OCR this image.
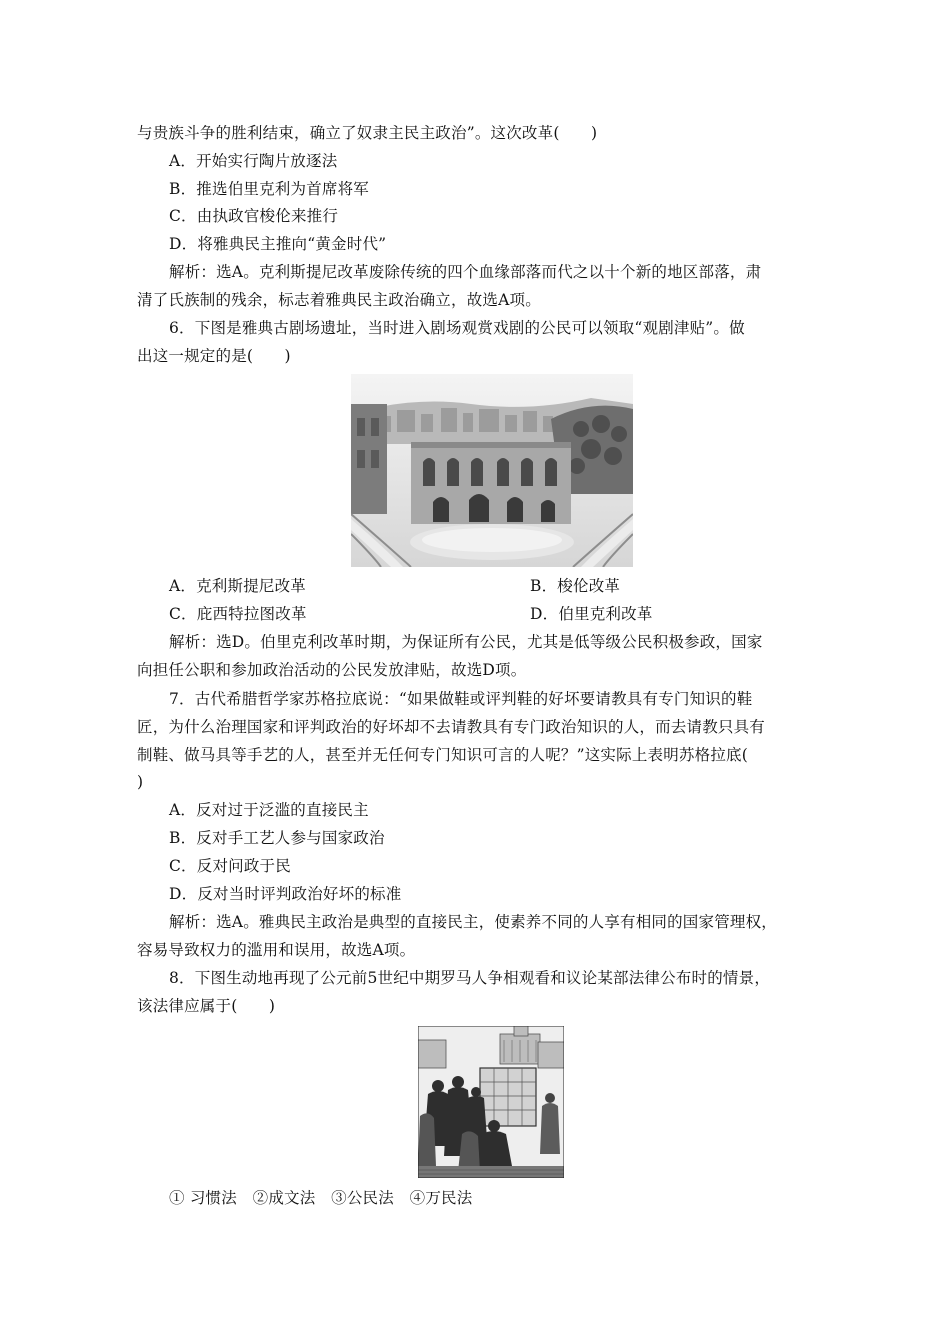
与贵族斗争的胜利结束，确立了奴隶主民主政治”。这次改革(　　)
A．开始实行陶片放逐法
B．推选伯里克利为首席将军
C．由执政官梭伦来推行
D．将雅典民主推向“黄金时代”
解析：选A。克利斯提尼改革废除传统的四个血缘部落而代之以十个新的地区部落，肃
清了氏族制的残余，标志着雅典民主政治确立，故选A项。
6．下图是雅典古剧场遗址，当时进入剧场观赏戏剧的公民可以领取“观剧津贴”。做
出这一规定的是(　　)
A．克利斯提尼改革	B．梭伦改革
C．庇西特拉图改革	D．伯里克利改革
解析：选D。伯里克利改革时期，为保证所有公民，尤其是低等级公民积极参政，国家
向担任公职和参加政治活动的公民发放津贴，故选D项。
7．古代希腊哲学家苏格拉底说：“如果做鞋或评判鞋的好坏要请教具有专门知识的鞋
匠，为什么治理国家和评判政治的好坏却不去请教具有专门政治知识的人，而去请教只具有
制鞋、做马具等手艺的人，甚至并无任何专门知识可言的人呢？”这实际上表明苏格拉底(
)
A．反对过于泛滥的直接民主
B．反对手工艺人参与国家政治
C．反对问政于民
D．反对当时评判政治好坏的标准
解析：选A。雅典民主政治是典型的直接民主，使素养不同的人享有相同的国家管理权，
容易导致权力的滥用和误用，故选A项。
8．下图生动地再现了公元前5世纪中期罗马人争相观看和议论某部法律公布时的情景，
该法律应属于(　　)
① 习惯法　②成文法　③公民法　④万民法
